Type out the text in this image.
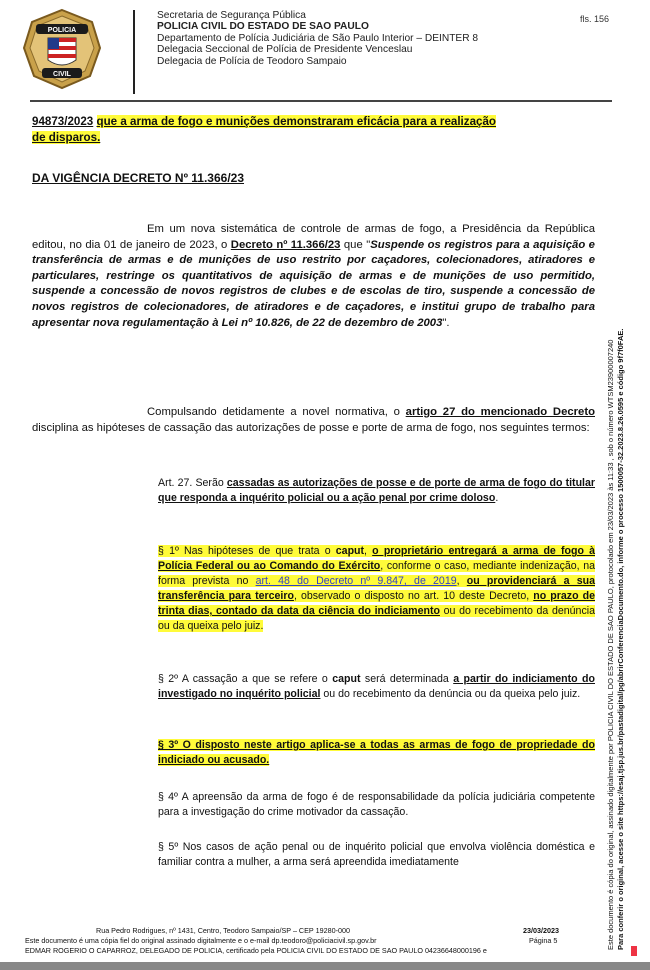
POLICIA
CIVIL
Secretaria de Segurança Pública
POLICIA CIVIL DO ESTADO DE SAO PAULO
Departamento de Polícia Judiciária de São Paulo Interior – DEINTER 8
Delegacia Seccional de Polícia de Presidente Venceslau
Delegacia de Polícia de Teodoro Sampaio
fls. 156
94873/2023 que a arma de fogo e munições demonstraram eficácia para a realização
de disparos.
DA VIGÊNCIA DECRETO Nº 11.366/23
Em um nova sistemática de controle de armas de fogo, a Presidência da República editou, no dia 01 de janeiro de 2023, o Decreto nº 11.366/23 que "Suspende os registros para a aquisição e transferência de armas e de munições de uso restrito por caçadores, colecionadores, atiradores e particulares, restringe os quantitativos de aquisição de armas e de munições de uso permitido, suspende a concessão de novos registros de clubes e de escolas de tiro, suspende a concessão de novos registros de colecionadores, de atiradores e de caçadores, e institui grupo de trabalho para apresentar nova regulamentação à Lei nº 10.826, de 22 de dezembro de 2003".
Compulsando detidamente a novel normativa, o artigo 27 do mencionado Decreto disciplina as hipóteses de cassação das autorizações de posse e porte de arma de fogo, nos seguintes termos:
Art. 27. Serão cassadas as autorizações de posse e de porte de arma de fogo do titular que responda a inquérito policial ou a ação penal por crime doloso.
§ 1º Nas hipóteses de que trata o caput, o proprietário entregará a arma de fogo à Polícia Federal ou ao Comando do Exército, conforme o caso, mediante indenização, na forma prevista no art. 48 do Decreto nº 9.847, de 2019, ou providenciará a sua transferência para terceiro, observado o disposto no art. 10 deste Decreto, no prazo de trinta dias, contado da data da ciência do indiciamento ou do recebimento da denúncia ou da queixa pelo juiz.
§ 2º A cassação a que se refere o caput será determinada a partir do indiciamento do investigado no inquérito policial ou do recebimento da denúncia ou da queixa pelo juiz.
§ 3º O disposto neste artigo aplica-se a todas as armas de fogo de propriedade do indiciado ou acusado.
§ 4º A apreensão da arma de fogo é de responsabilidade da polícia judiciária competente para a investigação do crime motivador da cassação.
§ 5º Nos casos de ação penal ou de inquérito policial que envolva violência doméstica e familiar contra a mulher, a arma será apreendida imediatamente
Rua Pedro Rodrigues, nº 1431, Centro, Teodoro Sampaio/SP – CEP 19280-000	23/03/2023
Página 5
Este documento é uma cópia fiel do original assinado digitalmente e o e-mail dp.teodoro@policiacivil.sp.gov.br
EDMAR ROGERIO O CAPARROZ, DELEGADO DE POLICIA, certificado pela POLICIA CIVIL DO ESTADO DE SAO PAULO 042366480001​96 e
Este documento é cópia do original, assinado digitalmente por POLICIA CIVIL DO ESTADO DE SAO PAULO, protocolado em 23/03/2023 às 11:33 , sob o número WTSM23900007240 Para conferir o original, acesse o site https://esaj.tjsp.jus.br/pastadigital/pg/abrirConferenciaDocumento.do, informe o processo 1500057-32.2023.8.26.0595 e código 9f7f0FAE.
